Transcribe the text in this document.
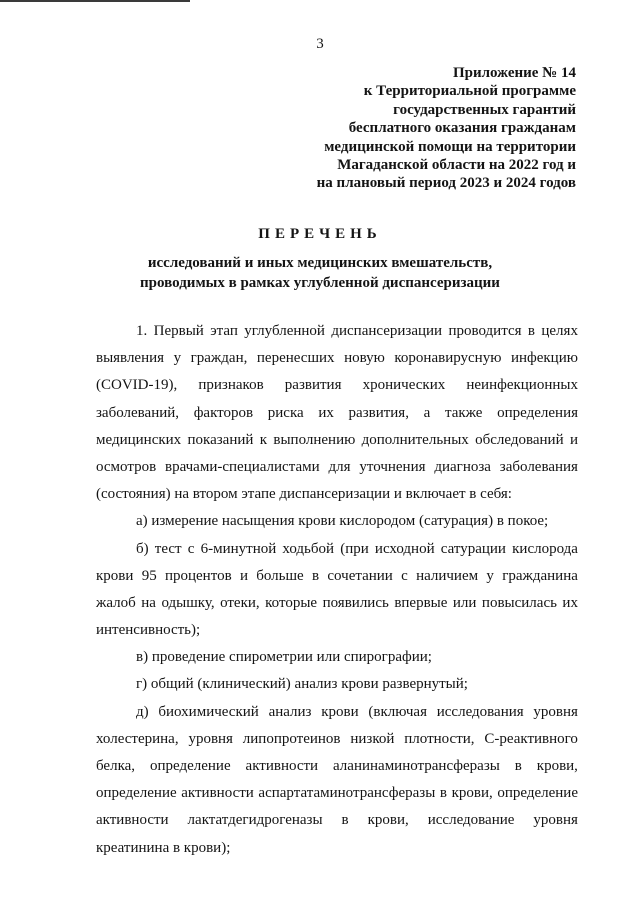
3
Приложение № 14
к Территориальной программе
государственных гарантий
бесплатного оказания гражданам
медицинской помощи на территории
Магаданской области на 2022 год и
на плановый период 2023 и 2024 годов
ПЕРЕЧЕНЬ
исследований и иных медицинских вмешательств,
проводимых в рамках углубленной диспансеризации
1. Первый этап углубленной диспансеризации проводится в целях
выявления у граждан, перенесших новую коронавирусную инфекцию
(COVID-19), признаков развития хронических неинфекционных
заболеваний, факторов риска их развития, а также определения
медицинских показаний к выполнению дополнительных обследований и
осмотров врачами-специалистами для уточнения диагноза заболевания
(состояния) на втором этапе диспансеризации и включает в себя:
а) измерение насыщения крови кислородом (сатурация) в покое;
б) тест с 6-минутной ходьбой (при исходной сатурации кислорода
крови 95 процентов и больше в сочетании с наличием у гражданина
жалоб на одышку, отеки, которые появились впервые или повысилась их
интенсивность);
в) проведение спирометрии или спирографии;
г) общий (клинический) анализ крови развернутый;
д) биохимический анализ крови (включая исследования уровня
холестерина, уровня липопротеинов низкой плотности, С-реактивного
белка, определение активности аланинаминотрансферазы в крови,
определение активности аспартатаминотрансферазы в крови, определение
активности лактатдегидрогеназы в крови, исследование уровня
креатинина в крови);
